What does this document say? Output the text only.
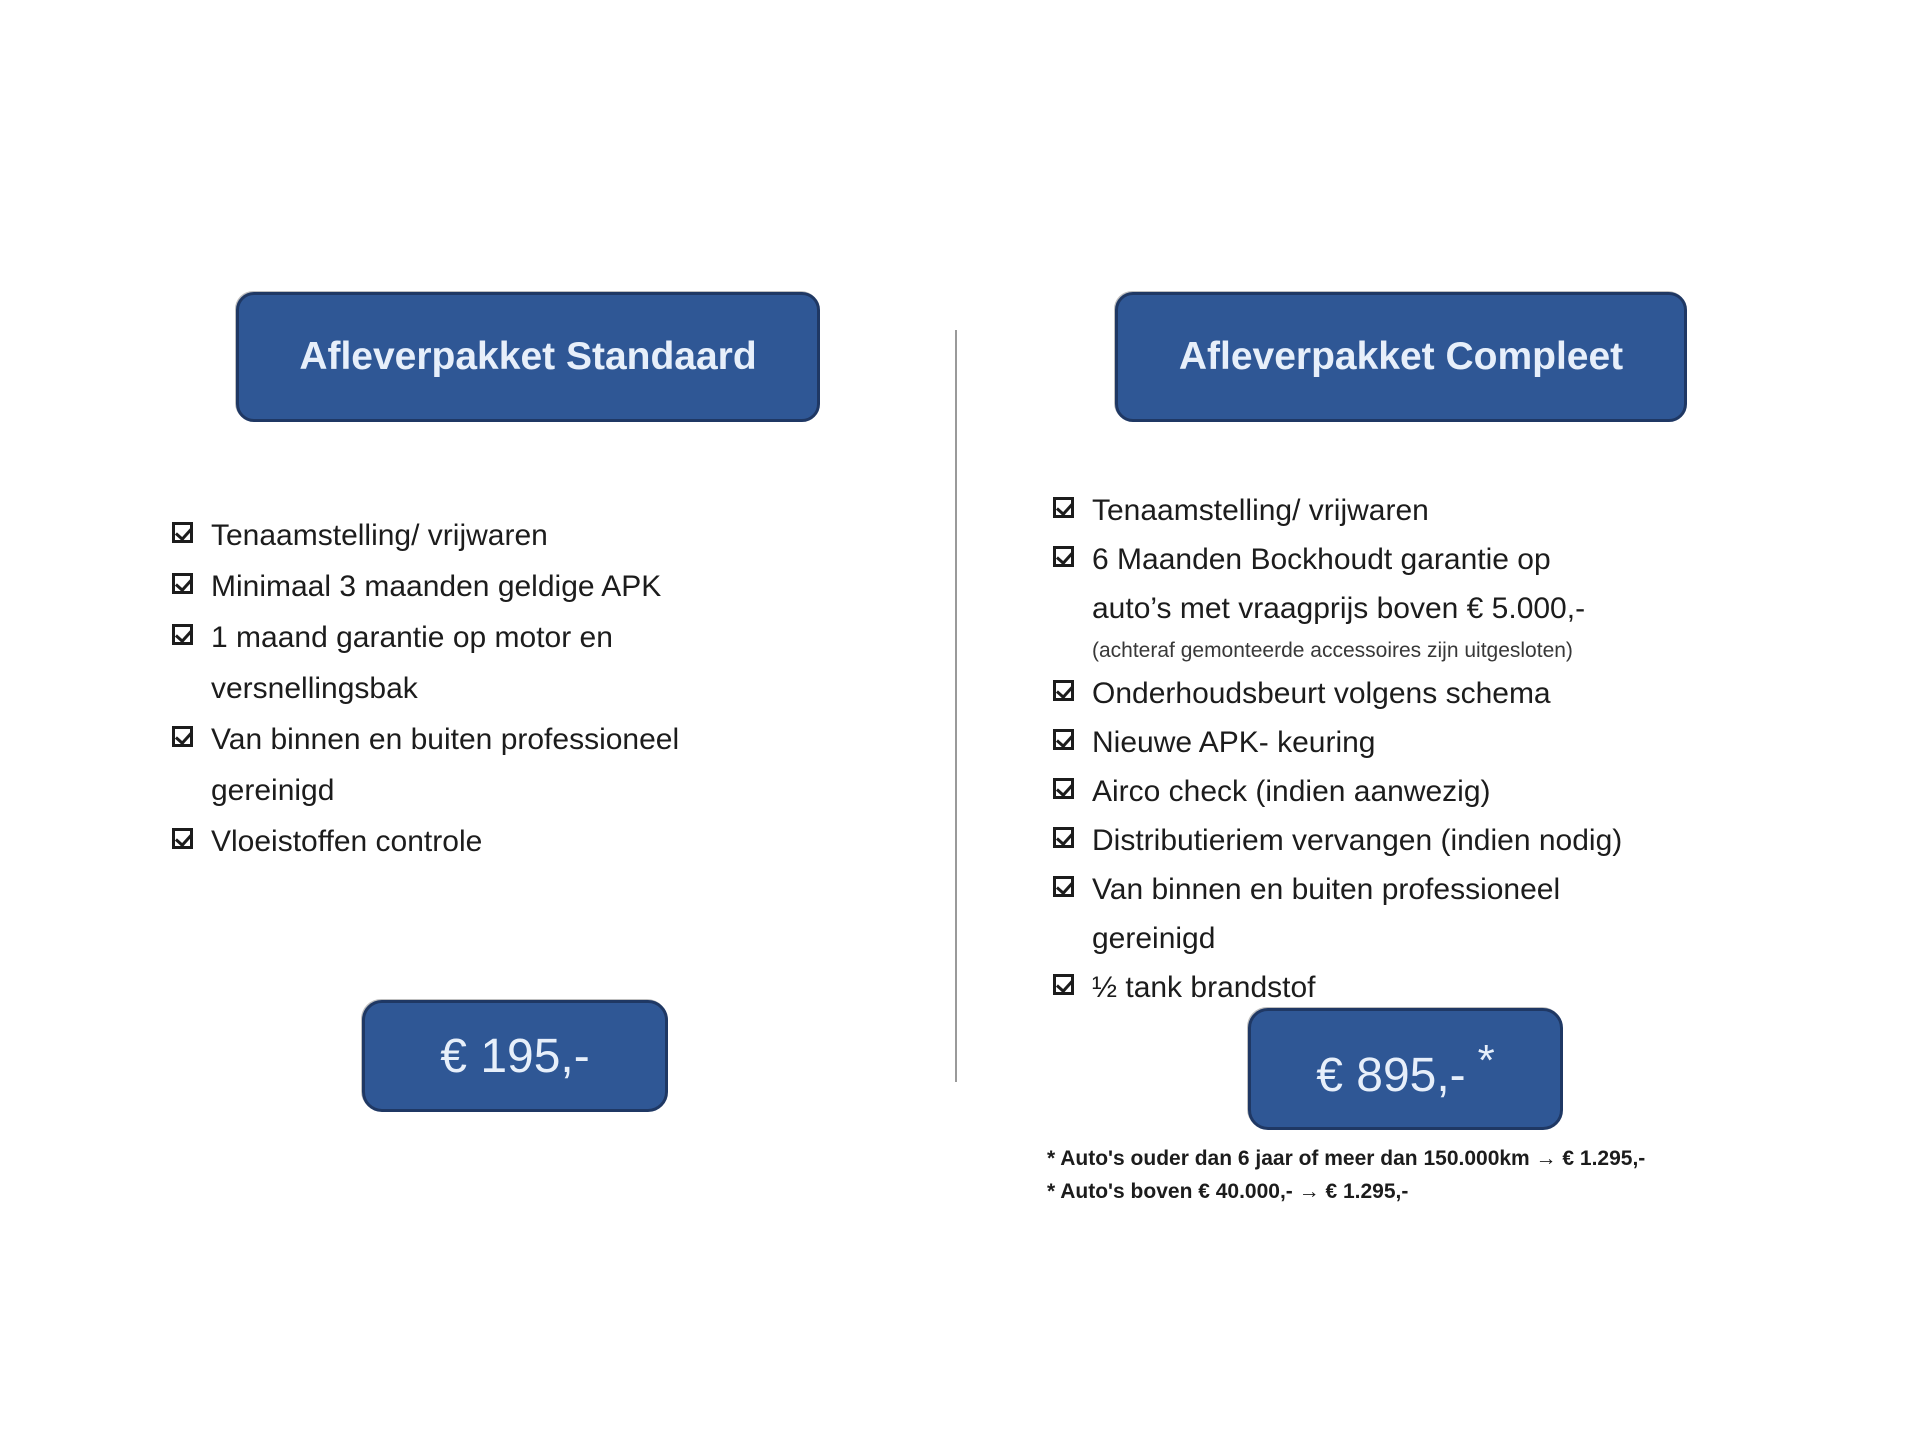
Afleverpakket Standaard
Tenaamstelling/ vrijwaren
Minimaal 3 maanden geldige APK
1 maand garantie op motor en
versnellingsbak
Van binnen en buiten professioneel
gereinigd
Vloeistoffen controle
€ 195,-
Afleverpakket Compleet
Tenaamstelling/ vrijwaren
6 Maanden Bockhoudt garantie op
auto’s met vraagprijs boven € 5.000,-
(achteraf gemonteerde accessoires zijn uitgesloten)
Onderhoudsbeurt volgens schema
Nieuwe APK- keuring
Airco check (indien aanwezig)
Distributieriem vervangen (indien nodig)
Van binnen en buiten professioneel
gereinigd
½ tank brandstof
€ 895,- *
* Auto's ouder dan 6 jaar of meer dan 150.000km → € 1.295,-
* Auto's boven € 40.000,- → € 1.295,-
